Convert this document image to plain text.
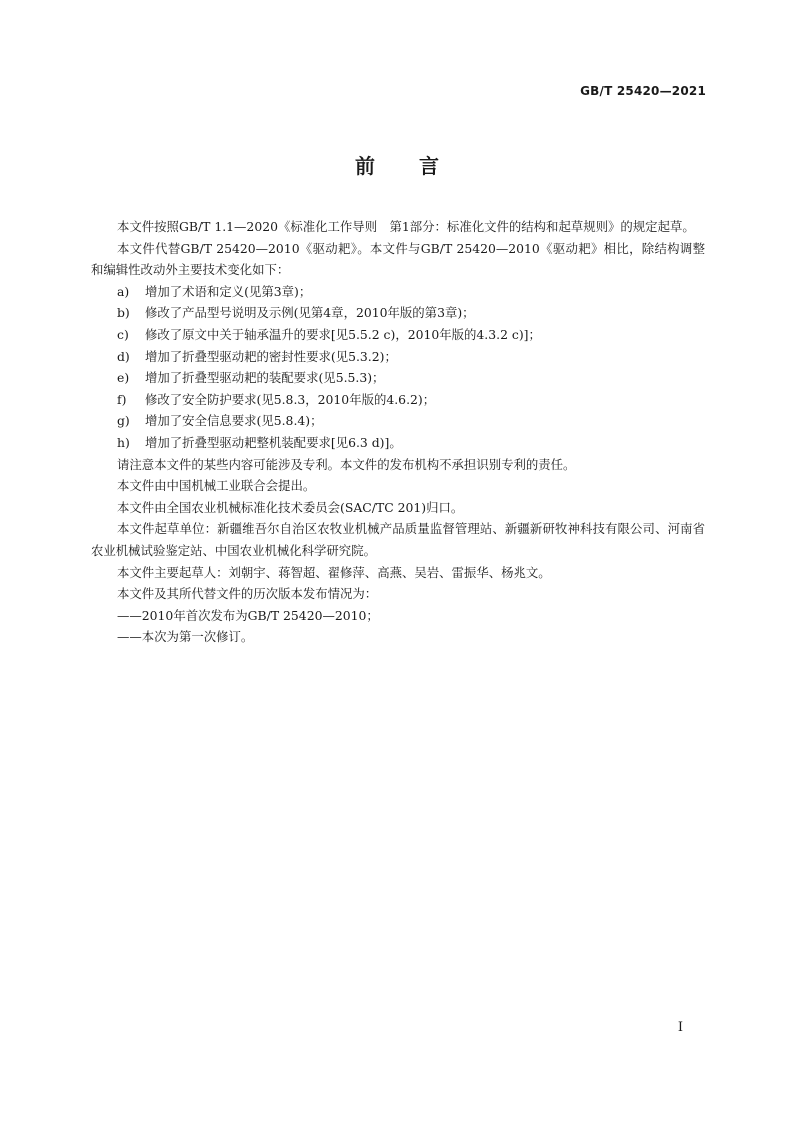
GB/T 25420—2021
前 言

本文件按照GB/T 1.1—2020《标准化工作导则　第1部分：标准化文件的结构和起草规则》的规定起草。

本文件代替GB/T 25420—2010《驱动耙》。本文件与GB/T 25420—2010《驱动耙》相比，除结构调整和编辑性改动外主要技术变化如下：

a) 增加了术语和定义(见第3章)；

b) 修改了产品型号说明及示例(见第4章，2010年版的第3章)；

c) 修改了原文中关于轴承温升的要求[见5.5.2 c)，2010年版的4.3.2 c)]；

d) 增加了折叠型驱动耙的密封性要求(见5.3.2)；

e) 增加了折叠型驱动耙的装配要求(见5.5.3)；

f) 修改了安全防护要求(见5.8.3，2010年版的4.6.2)；

g) 增加了安全信息要求(见5.8.4)；

h) 增加了折叠型驱动耙整机装配要求[见6.3 d)]。

请注意本文件的某些内容可能涉及专利。本文件的发布机构不承担识别专利的责任。

本文件由中国机械工业联合会提出。

本文件由全国农业机械标准化技术委员会(SAC/TC 201)归口。

本文件起草单位：新疆维吾尔自治区农牧业机械产品质量监督管理站、新疆新研牧神科技有限公司、河南省农业机械试验鉴定站、中国农业机械化科学研究院。

本文件主要起草人：刘朝宇、蒋智超、翟修萍、高燕、吴岩、雷振华、杨兆文。

本文件及其所代替文件的历次版本发布情况为：

——2010年首次发布为GB/T 25420—2010；

——本次为第一次修订。

I
